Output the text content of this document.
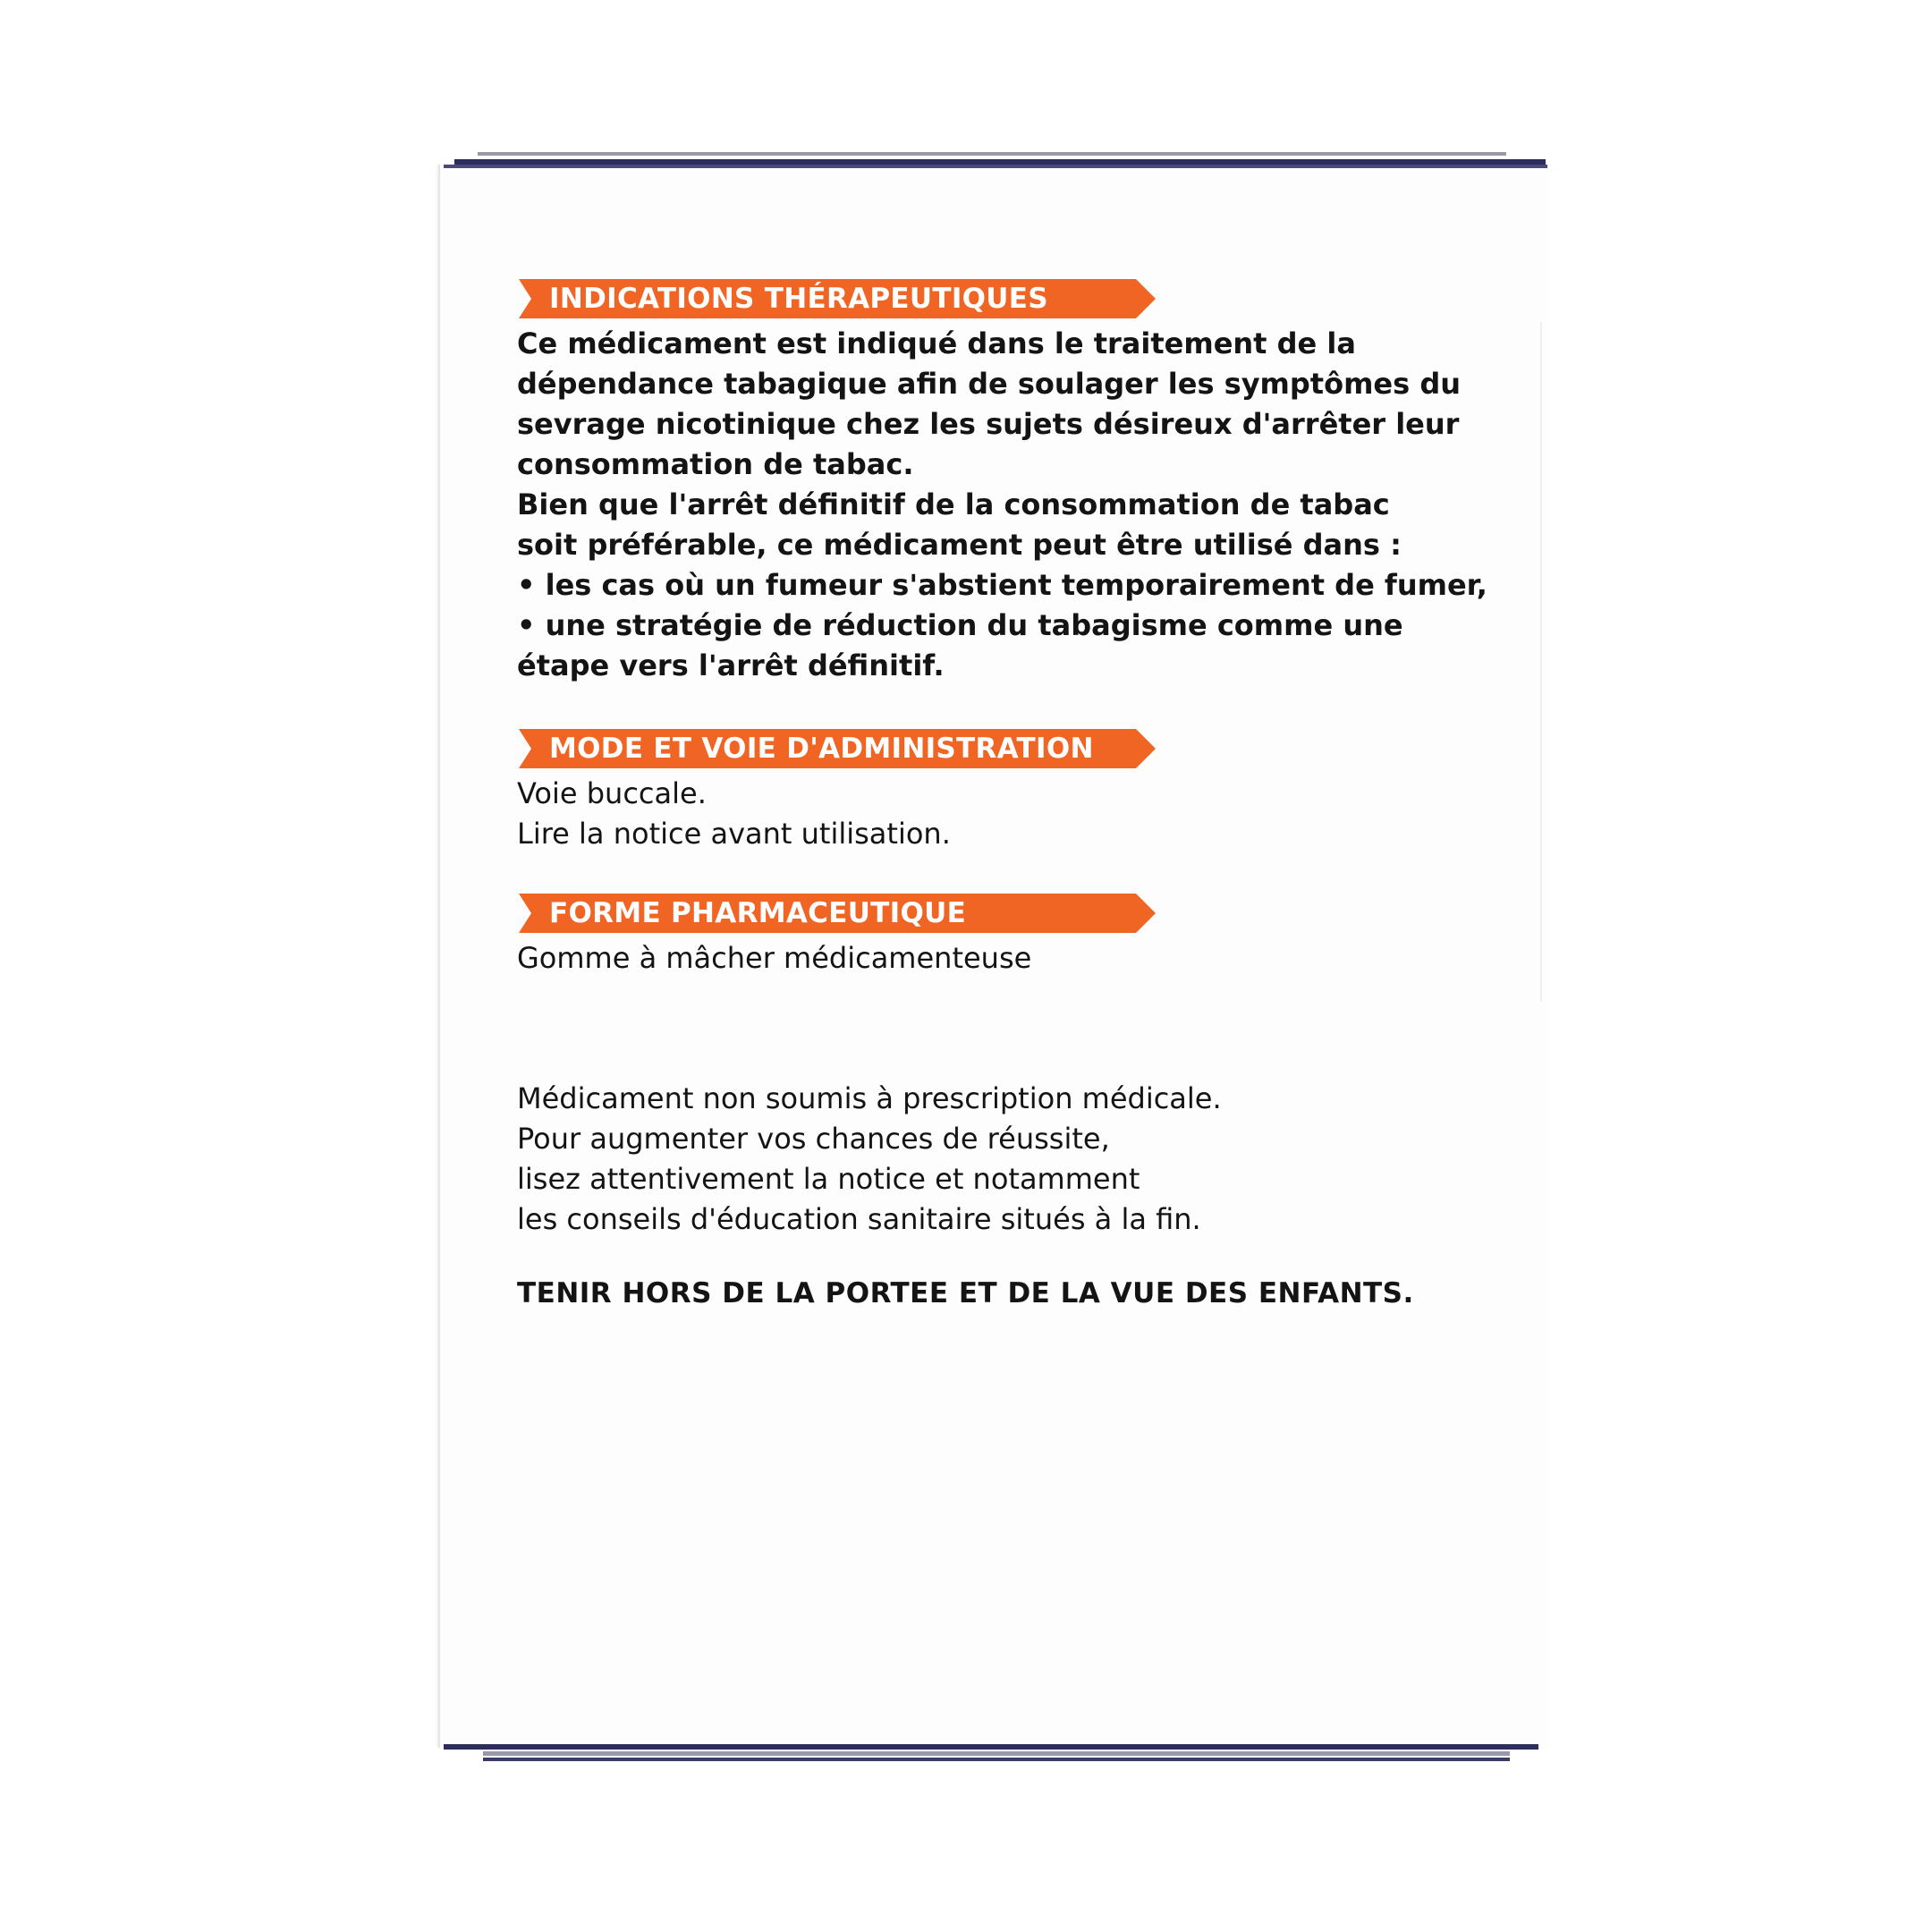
INDICATIONS THÉRAPEUTIQUES
Ce médicament est indiqué dans le traitement de la
dépendance tabagique afin de soulager les symptômes du
sevrage nicotinique chez les sujets désireux d'arrêter leur
consommation de tabac.
Bien que l'arrêt définitif de la consommation de tabac
soit préférable, ce médicament peut être utilisé dans :
• les cas où un fumeur s'abstient temporairement de fumer,
• une stratégie de réduction du tabagisme comme une
étape vers l'arrêt définitif.
MODE ET VOIE D'ADMINISTRATION
Voie buccale.
Lire la notice avant utilisation.
FORME PHARMACEUTIQUE
Gomme à mâcher médicamenteuse
Médicament non soumis à prescription médicale.
Pour augmenter vos chances de réussite,
lisez attentivement la notice et notamment
les conseils d'éducation sanitaire situés à la fin.
TENIR HORS DE LA PORTEE ET DE LA VUE DES ENFANTS.
